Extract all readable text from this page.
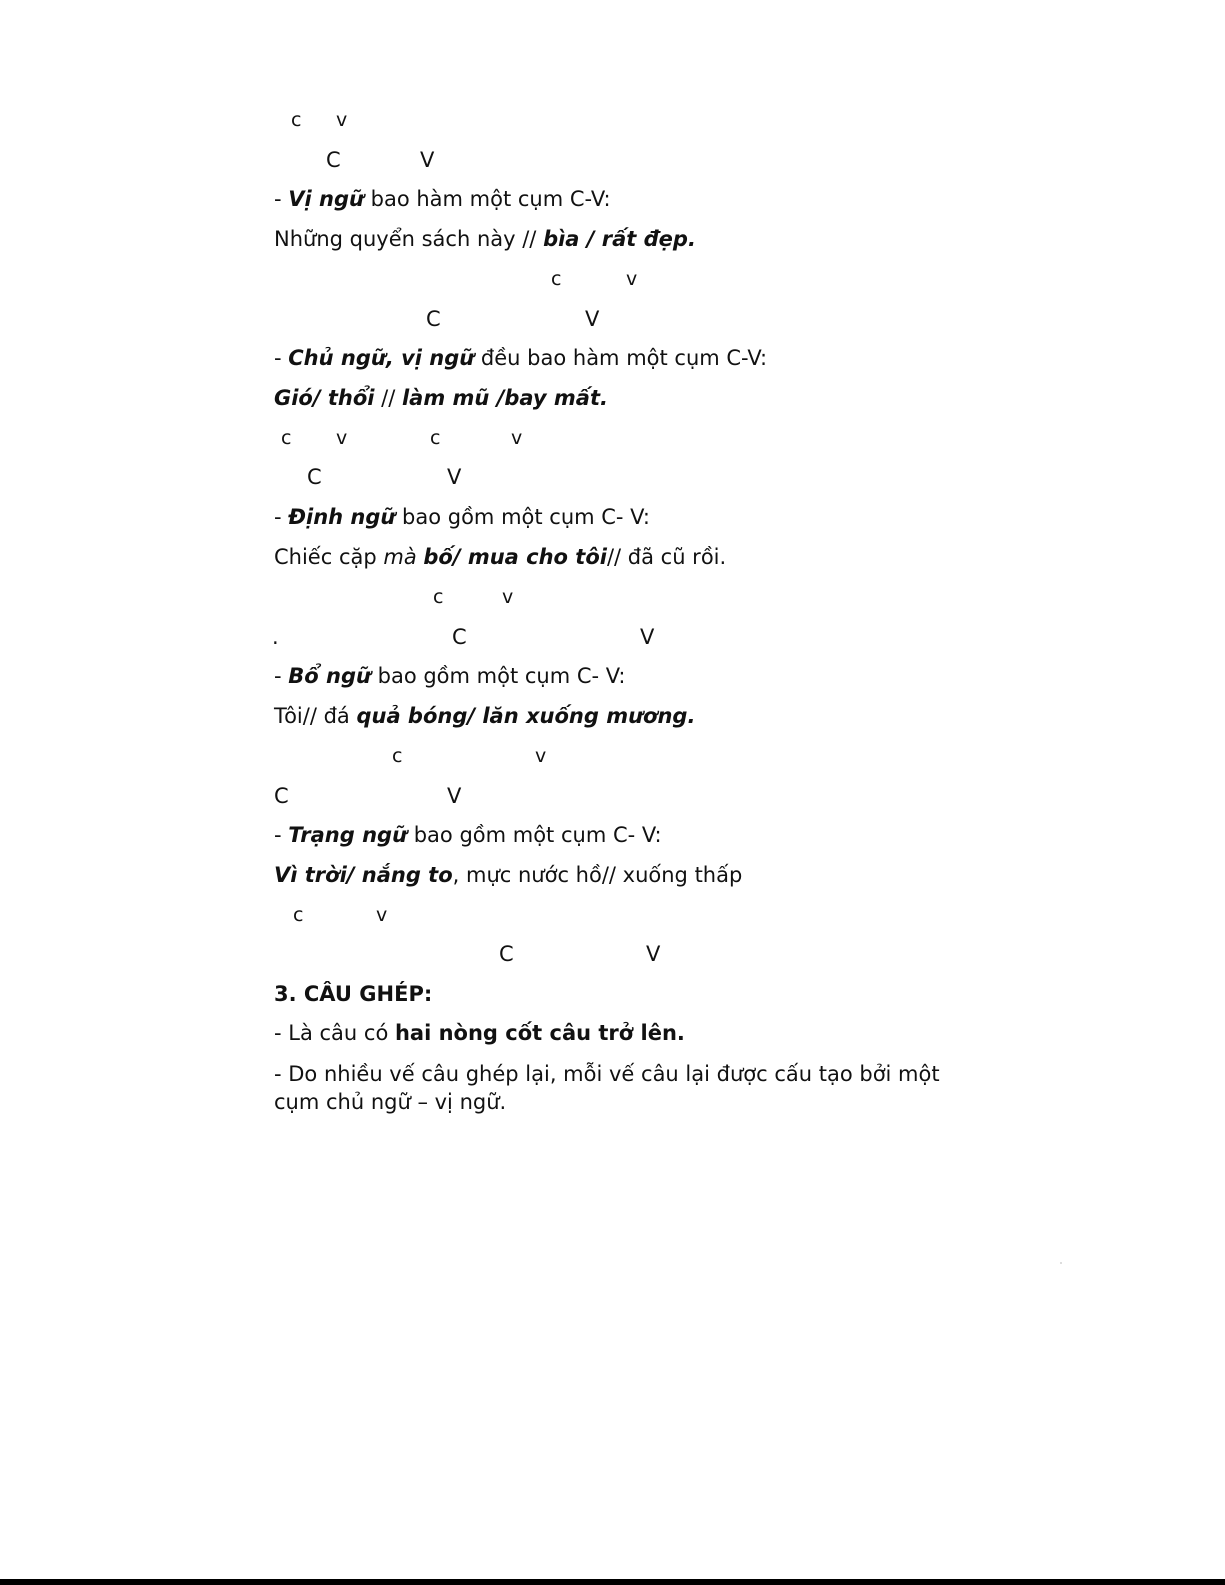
c v
C	V

- Vị ngữ bao hàm một cụm C-V:

Những quyển sách này // bìa / rất đẹp.

c	v
C	V

- Chủ ngữ, vị ngữ đều bao hàm một cụm C-V:

Gió/ thổi // làm mũ /bay mất.

c v	c	v
C	V

- Định ngữ bao gồm một cụm C- V:

Chiếc cặp mà bố/ mua cho tôi// đã cũ rồi.

c	v
.	C	V

- Bổ ngữ bao gồm một cụm C- V:

Tôi// đá quả bóng/ lăn xuống mương.

c	v
C	V

- Trạng ngữ bao gồm một cụm C- V:

Vì trời/ nắng to, mực nước hồ// xuống thấp

c	v
C	V

3. CÂU GHÉP:

- Là câu có hai nòng cốt câu trở lên.

- Do nhiều vế câu ghép lại, mỗi vế câu lại được cấu tạo bởi một

cụm chủ ngữ – vị ngữ.
